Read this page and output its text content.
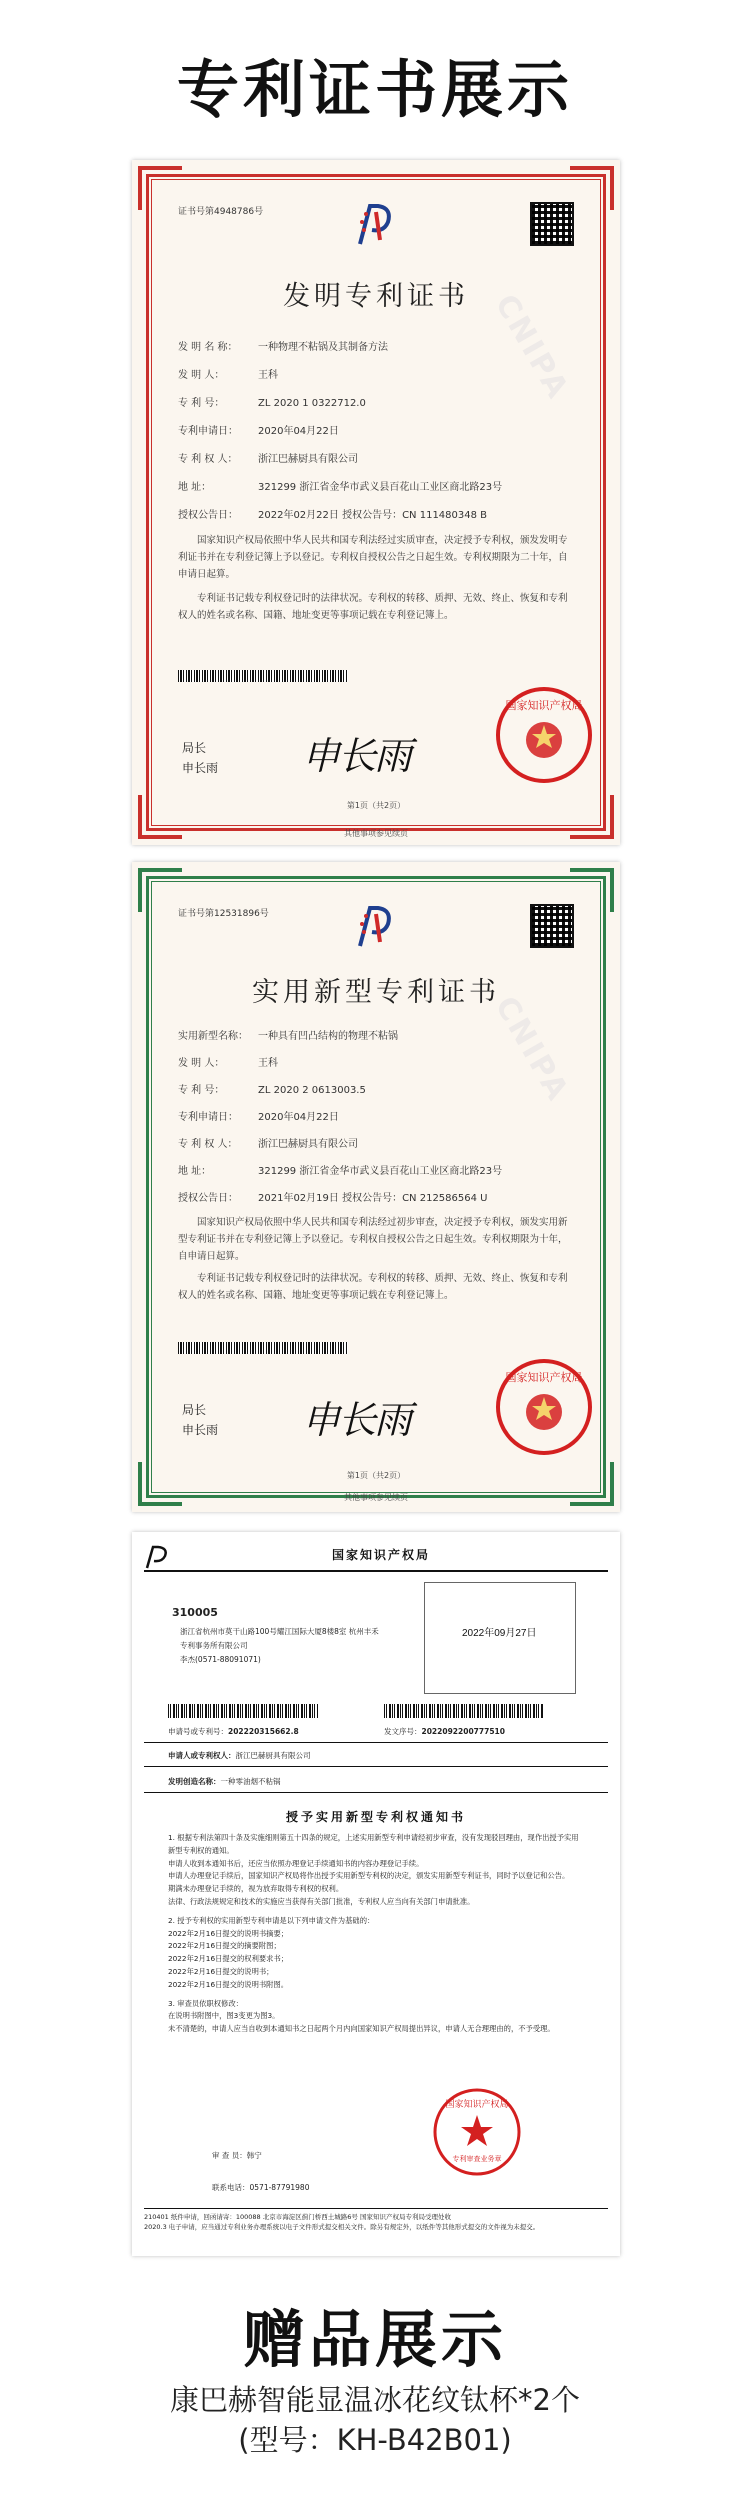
专利证书展示
CNIPA
证书号第4948786号
发明专利证书
发 明 名 称： 一种物理不粘锅及其制备方法
发 明 人：	王科
专 利 号：	ZL 2020 1 0322712.0
专利申请日： 2020年04月22日
专 利 权 人： 浙江巴赫厨具有限公司
地 址：	321299 浙江省金华市武义县百花山工业区商北路23号
授权公告日： 2022年02月22日 授权公告号：CN 111480348 B
国家知识产权局依照中华人民共和国专利法经过实质审查，决定授予专利权，颁发发明专利证书并在专利登记簿上予以登记。专利权自授权公告之日起生效。专利权期限为二十年，自申请日起算。
专利证书记载专利权登记时的法律状况。专利权的转移、质押、无效、终止、恢复和专利权人的姓名或名称、国籍、地址变更等事项记载在专利登记簿上。
局长
申长雨 申长雨
国家知识产权局
第1页（共2页）
其他事项参见续页
CNIPA
证书号第12531896号
实用新型专利证书
实用新型名称： 一种具有凹凸结构的物理不粘锅
发 明 人：	王科
专 利 号：	ZL 2020 2 0613003.5
专利申请日： 2020年04月22日
专 利 权 人： 浙江巴赫厨具有限公司
地 址：	321299 浙江省金华市武义县百花山工业区商北路23号
授权公告日： 2021年02月19日 授权公告号：CN 212586564 U
国家知识产权局依照中华人民共和国专利法经过初步审查，决定授予专利权，颁发实用新型专利证书并在专利登记簿上予以登记。专利权自授权公告之日起生效。专利权期限为十年，自申请日起算。
专利证书记载专利权登记时的法律状况。专利权的转移、质押、无效、终止、恢复和专利权人的姓名或名称、国籍、地址变更等事项记载在专利登记簿上。
局长
申长雨 申长雨
国家知识产权局
第1页（共2页）
其他事项参见续页
国家知识产权局
310005
浙江省杭州市莫干山路100号耀江国际大厦8楼8室 杭州丰禾
专利事务所有限公司
李杰(0571-88091071)
2022年09月27日
申请号或专利号：202220315662.8	发文序号：2022092200777510
申请人或专利权人：浙江巴赫厨具有限公司
发明创造名称：一种零油烟不粘锅
授予实用新型专利权通知书
1. 根据专利法第四十条及实施细则第五十四条的规定，上述实用新型专利申请经初步审查，没有发现驳回理由，现作出授予实用新型专利权的通知。
申请人收到本通知书后，还应当依照办理登记手续通知书的内容办理登记手续。
申请人办理登记手续后，国家知识产权局将作出授予实用新型专利权的决定，颁发实用新型专利证书，同时予以登记和公告。
期满未办理登记手续的，视为放弃取得专利权的权利。
法律、行政法规规定和技术的实施应当获得有关部门批准，专利权人应当向有关部门申请批准。
2. 授予专利权的实用新型专利申请是以下列申请文件为基础的：
2022年2月16日提交的说明书摘要；
2022年2月16日提交的摘要附图；
2022年2月16日提交的权利要求书；
2022年2月16日提交的说明书；
2022年2月16日提交的说明书附图。
3. 审查员依职权修改：
在说明书附图中，图3变更为图3。
未不清楚的，申请人应当自收到本通知书之日起两个月内向国家知识产权局提出异议，申请人无合理理由的，不予受理。
审 查 员：韩宁
联系电话：0571-87791980
国家知识产权局
专利审查业务章
210401 纸件申请，回函请寄：100088 北京市海淀区蓟门桥西土城路6号 国家知识产权局专利局受理处收
2020.3 电子申请，应当通过专利业务办理系统以电子文件形式提交相关文件。除另有规定外，以纸件等其他形式提交的文件视为未提交。
赠品展示
康巴赫智能显温冰花纹钛杯*2个
(型号：KH-B42B01)
